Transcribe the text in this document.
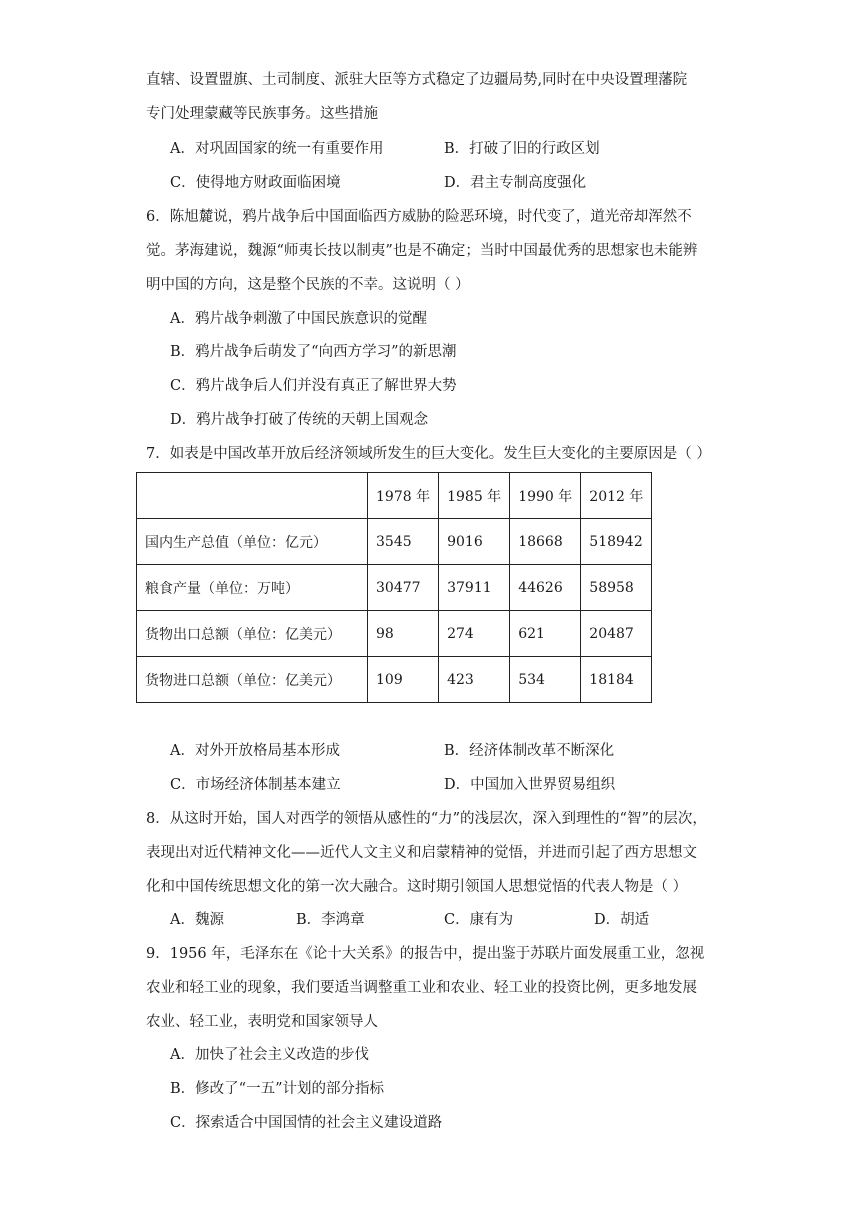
直辖、设置盟旗、土司制度、派驻大臣等方式稳定了边疆局势,同时在中央设置理藩院
专门处理蒙藏等民族事务。这些措施
A．对巩固国家的统一有重要作用	B．打破了旧的行政区划
C．使得地方财政面临困境	D．君主专制高度强化
6．陈旭麓说，鸦片战争后中国面临西方威胁的险恶环境，时代变了，道光帝却浑然不
觉。茅海建说，魏源“师夷长技以制夷”也是不确定；当时中国最优秀的思想家也未能辨
明中国的方向，这是整个民族的不幸。这说明（ ）
A．鸦片战争刺激了中国民族意识的觉醒
B．鸦片战争后萌发了“向西方学习”的新思潮
C．鸦片战争后人们并没有真正了解世界大势
D．鸦片战争打破了传统的天朝上国观念
7．如表是中国改革开放后经济领域所发生的巨大变化。发生巨大变化的主要原因是（ ）
	1978 年	1985 年	1990 年	2012 年
国内生产总值（单位：亿元）	3545	9016	18668	518942
粮食产量（单位：万吨）	30477	37911	44626	58958
货物出口总额（单位：亿美元）	98	274	621	20487
货物进口总额（单位：亿美元）	109	423	534	18184
A．对外开放格局基本形成	B．经济体制改革不断深化
C．市场经济体制基本建立	D．中国加入世界贸易组织
8．从这时开始，国人对西学的领悟从感性的“力”的浅层次，深入到理性的“智”的层次，
表现出对近代精神文化——近代人文主义和启蒙精神的觉悟，并进而引起了西方思想文
化和中国传统思想文化的第一次大融合。这时期引领国人思想觉悟的代表人物是（ ）
A．魏源	B．李鸿章	C．康有为	D．胡适
9．1956 年，毛泽东在《论十大关系》的报告中，提出鉴于苏联片面发展重工业，忽视
农业和轻工业的现象，我们要适当调整重工业和农业、轻工业的投资比例，更多地发展
农业、轻工业，表明党和国家领导人
A．加快了社会主义改造的步伐
B．修改了“一五”计划的部分指标
C．探索适合中国国情的社会主义建设道路
